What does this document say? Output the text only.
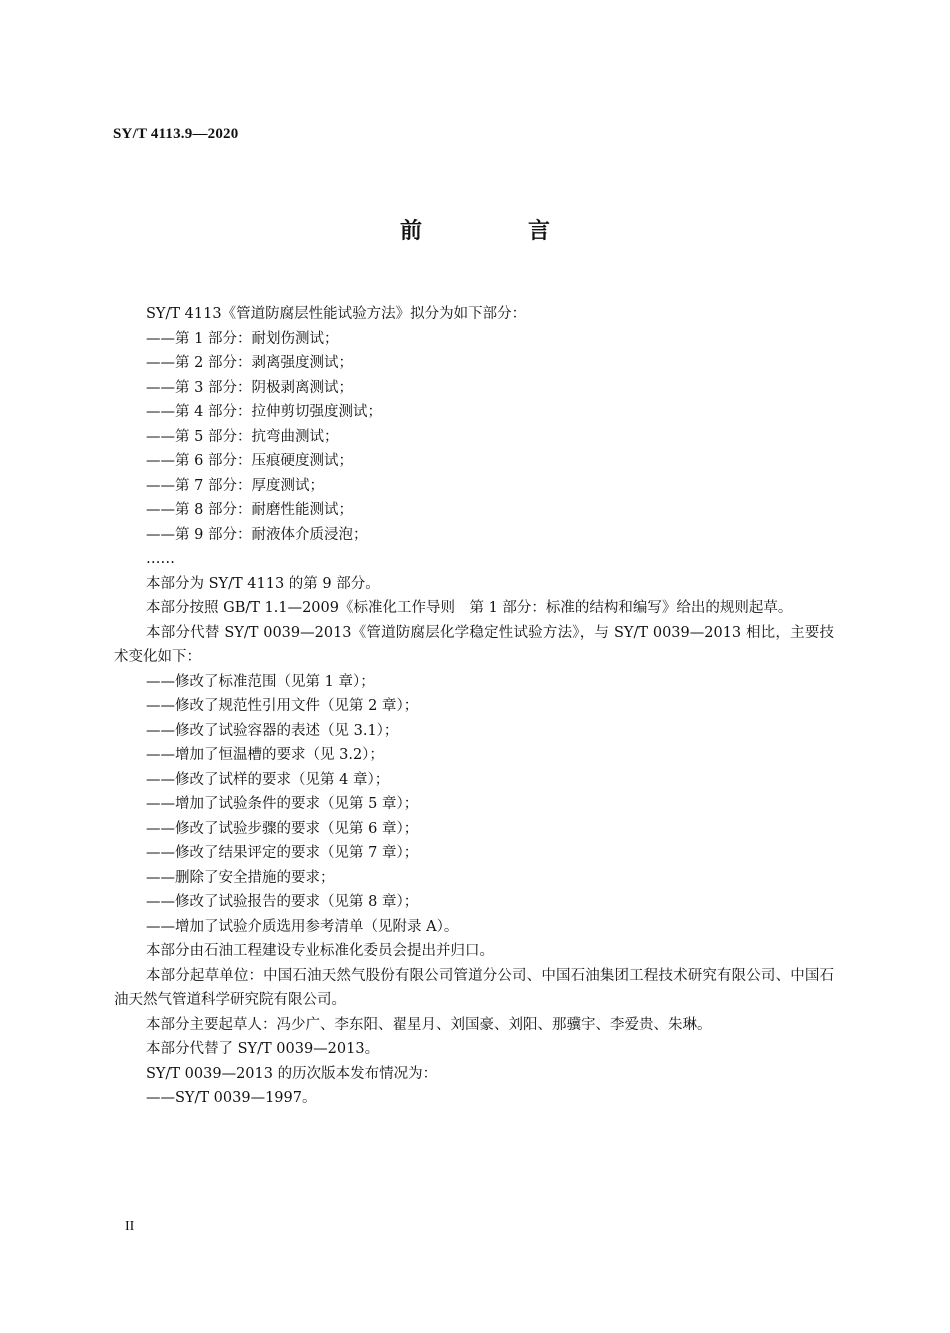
SY/T 4113.9—2020
前　言
SY/T 4113《管道防腐层性能试验方法》拟分为如下部分：
——第 1 部分：耐划伤测试；
——第 2 部分：剥离强度测试；
——第 3 部分：阴极剥离测试；
——第 4 部分：拉伸剪切强度测试；
——第 5 部分：抗弯曲测试；
——第 6 部分：压痕硬度测试；
——第 7 部分：厚度测试；
——第 8 部分：耐磨性能测试；
——第 9 部分：耐液体介质浸泡；
……
本部分为 SY/T 4113 的第 9 部分。
本部分按照 GB/T 1.1—2009《标准化工作导则　第 1 部分：标准的结构和编写》给出的规则起草。
本部分代替 SY/T 0039—2013《管道防腐层化学稳定性试验方法》，与 SY/T 0039—2013 相比，主要技术变化如下：
——修改了标准范围（见第 1 章）；
——修改了规范性引用文件（见第 2 章）；
——修改了试验容器的表述（见 3.1）；
——增加了恒温槽的要求（见 3.2）；
——修改了试样的要求（见第 4 章）；
——增加了试验条件的要求（见第 5 章）；
——修改了试验步骤的要求（见第 6 章）；
——修改了结果评定的要求（见第 7 章）；
——删除了安全措施的要求；
——修改了试验报告的要求（见第 8 章）；
——增加了试验介质选用参考清单（见附录 A）。
本部分由石油工程建设专业标准化委员会提出并归口。
本部分起草单位：中国石油天然气股份有限公司管道分公司、中国石油集团工程技术研究有限公司、中国石油天然气管道科学研究院有限公司。
本部分主要起草人：冯少广、李东阳、翟星月、刘国豪、刘阳、那骥宇、李爱贵、朱琳。
本部分代替了 SY/T 0039—2013。
SY/T 0039—2013 的历次版本发布情况为：
——SY/T 0039—1997。
II
